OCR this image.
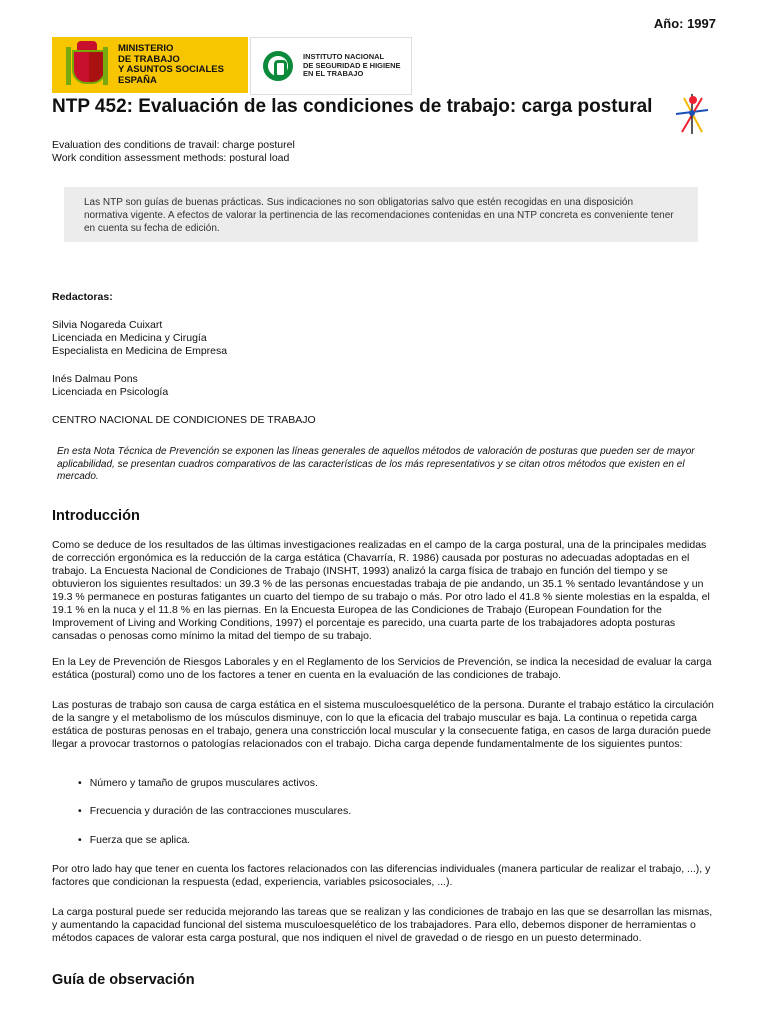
Año: 1997
MINISTERIO
DE TRABAJO
Y ASUNTOS SOCIALES
ESPAÑA
INSTITUTO NACIONAL
DE SEGURIDAD E HIGIENE
EN EL TRABAJO
NTP 452: Evaluación de las condiciones de trabajo: carga postural
Evaluation des conditions de travail: charge posturel
Work condition assessment methods: postural load
Las NTP son guías de buenas prácticas. Sus indicaciones no son obligatorias salvo que estén recogidas en una disposición normativa vigente. A efectos de valorar la pertinencia de las recomendaciones contenidas en una NTP concreta es conveniente tener en cuenta su fecha de edición.
Redactoras:
Silvia Nogareda Cuixart
Licenciada en Medicina y Cirugía
Especialista en Medicina de Empresa
Inés Dalmau Pons
Licenciada en Psicología
CENTRO NACIONAL DE CONDICIONES DE TRABAJO
En esta Nota Técnica de Prevención se exponen las líneas generales de aquellos métodos de valoración de posturas que pueden ser de mayor aplicabilidad, se presentan cuadros comparativos de las características de los más representativos y se citan otros métodos que existen en el mercado.
Introducción

Como se deduce de los resultados de las últimas investigaciones realizadas en el campo de la carga postural, una de la principales medidas de corrección ergonómica es la reducción de la carga estática (Chavarría, R. 1986) causada por posturas no adecuadas adoptadas en el trabajo. La Encuesta Nacional de Condiciones de Trabajo (INSHT, 1993) analizó la carga física de trabajo en función del tiempo y se obtuvieron los siguientes resultados: un 39.3 % de las personas encuestadas trabaja de pie andando, un 35.1 % sentado levantándose y un 19.3 % permanece en posturas fatigantes un cuarto del tiempo de su trabajo o más. Por otro lado el 41.8 % siente molestias en la espalda, el 19.1 % en la nuca y el 11.8 % en las piernas. En la Encuesta Europea de las Condiciones de Trabajo (European Foundation for the Improvement of Living and Working Conditions, 1997) el porcentaje es parecido, una cuarta parte de los trabajadores adopta posturas cansadas o penosas como mínimo la mitad del tiempo de su trabajo.

En la Ley de Prevención de Riesgos Laborales y en el Reglamento de los Servicios de Prevención, se indica la necesidad de evaluar la carga estática (postural) como uno de los factores a tener en cuenta en la evaluación de las condiciones de trabajo.

Las posturas de trabajo son causa de carga estática en el sistema musculoesquelético de la persona. Durante el trabajo estático la circulación de la sangre y el metabolismo de los músculos disminuye, con lo que la eficacia del trabajo muscular es baja. La continua o repetida carga estática de posturas penosas en el trabajo, genera una constricción local muscular y la consecuente fatiga, en casos de larga duración puede llegar a provocar trastornos o patologías relacionados con el trabajo. Dicha carga depende fundamentalmente de los siguientes puntos:

• Número y tamaño de grupos musculares activos.
• Frecuencia y duración de las contracciones musculares.
• Fuerza que se aplica.

Por otro lado hay que tener en cuenta los factores relacionados con las diferencias individuales (manera particular de realizar el trabajo, ...), y factores que condicionan la respuesta (edad, experiencia, variables psicosociales, ...).

La carga postural puede ser reducida mejorando las tareas que se realizan y las condiciones de trabajo en las que se desarrollan las mismas, y aumentando la capacidad funcional del sistema musculoesquelético de los trabajadores. Para ello, debemos disponer de herramientas o métodos capaces de valorar esta carga postural, que nos indiquen el nivel de gravedad o de riesgo en un puesto determinado.

Guía de observación
